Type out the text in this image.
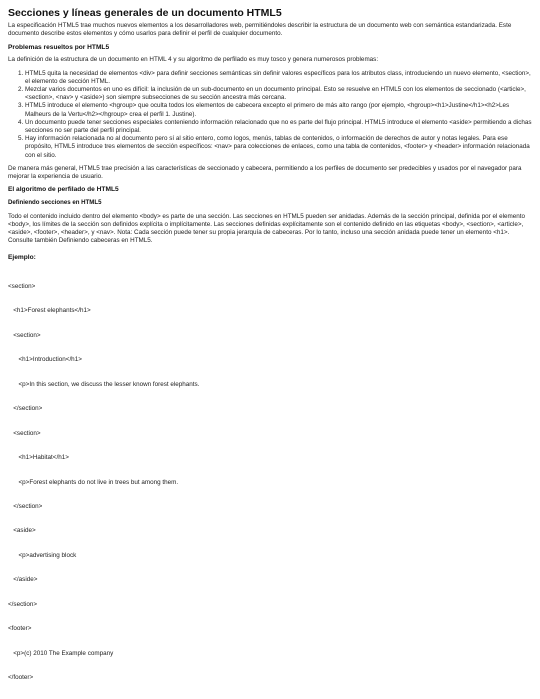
Secciones y líneas generales de un documento HTML5

La especificación HTML5 trae muchos nuevos elementos a los desarrolladores web, permitiéndoles describir la estructura de un documento web con semántica estandarizada. Este documento describe estos elementos y cómo usarlos para definir el perfil de cualquier documento.

Problemas resueltos por HTML5

La definición de la estructura de un documento en HTML 4 y su algoritmo de perfilado es muy tosco y genera numerosos problemas:

1. HTML5 quita la necesidad de elementos <div> para definir secciones semánticas sin definir valores específicos para los atributos class, introduciendo un nuevo elemento, <section>, el elemento de sección HTML.
2. Mezclar varios documentos en uno es difícil: la inclusión de un sub-documento en un documento principal. Esto se resuelve en HTML5 con los elementos de seccionado (<article>, <section>, <nav> y <aside>) son siempre subsecciones de su sección ancestra más cercana.
3. HTML5 introduce el elemento <hgroup> que oculta todos los elementos de cabecera excepto el primero de más alto rango (por ejemplo, <hgroup><h1>Justine</h1><h2>Les Malheurs de la Vertu</h2></hgroup> crea el perfil 1. Justine).
4. Un documento puede tener secciones especiales conteniendo información relacionado que no es parte del flujo principal. HTML5 introduce el elemento <aside> permitiendo a dichas secciones no ser parte del perfil principal.
5. Hay información relacionada no al documento pero sí al sitio entero, como logos, menús, tablas de contenidos, o información de derechos de autor y notas legales. Para ese propósito, HTML5 introduce tres elementos de sección específicos: <nav> para colecciones de enlaces, como una tabla de contenidos, <footer> y <header> información relacionada con el sitio.

De manera más general, HTML5 trae precisión a las características de seccionado y cabecera, permitiendo a los perfiles de documento ser predecibles y usados por el navegador para mejorar la experiencia de usuario.

El algoritmo de perfilado de HTML5
Definiendo secciones en HTML5

Todo el contenido incluido dentro del elemento <body> es parte de una sección. Las secciones en HTML5 pueden ser anidadas. Además de la sección principal, definida por el elemento <body>, los límites de la sección son definidos explícita o implícitamente. Las secciones definidas explícitamente son el contenido definido en las etiquetas <body>, <section>, <article>, <aside>, <footer>, <header>, y <nav>. Nota: Cada sección puede tener su propia jerarquía de cabeceras. Por lo tanto, incluso una sección anidada puede tener un elemento <h1>. Consulte también Definiendo cabeceras en HTML5.

Ejemplo:

<section>

<h1>Forest elephants</h1>

<section>

<h1>Introduction</h1>

<p>In this section, we discuss the lesser known forest elephants.

</section>

<section>

<h1>Habitat</h1>

<p>Forest elephants do not live in trees but among them.

</section>

<aside>

<p>advertising block

</aside>

</section>

<footer>

<p>(c) 2010 The Example company

</footer>
